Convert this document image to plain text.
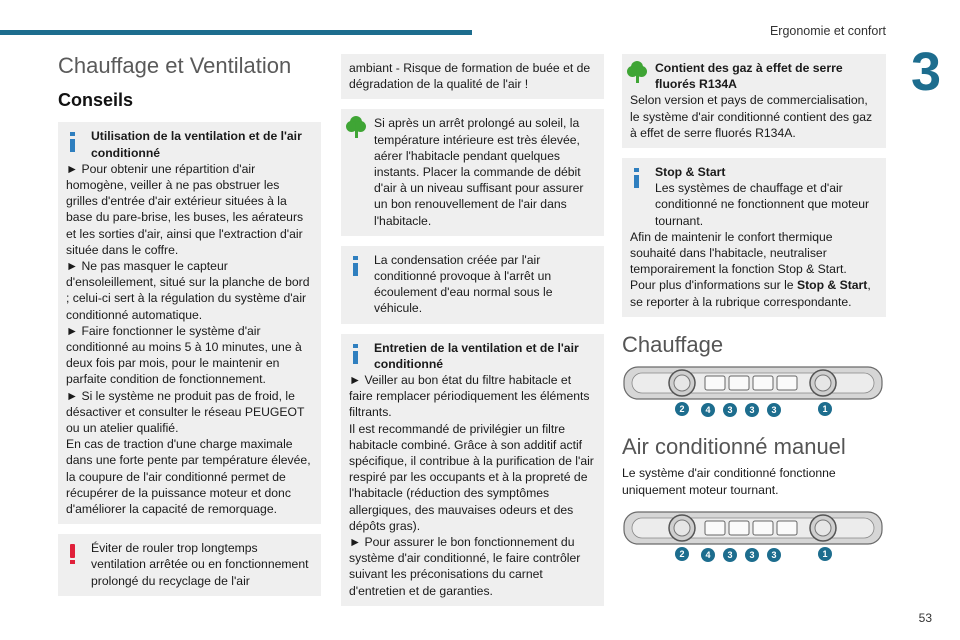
Ergonomie et confort
3
53
Chauffage et Ventilation
Conseils

Utilisation de la ventilation et de l'air conditionné

► Pour obtenir une répartition d'air homogène, veiller à ne pas obstruer les grilles d'entrée d'air extérieur situées à la base du pare-brise, les buses, les aérateurs et les sorties d'air, ainsi que l'extraction d'air située dans le coffre.

► Ne pas masquer le capteur d'ensoleillement, situé sur la planche de bord ; celui-ci sert à la régulation du système d'air conditionné automatique.

► Faire fonctionner le système d'air conditionné au moins 5 à 10 minutes, une à deux fois par mois, pour le maintenir en parfaite condition de fonctionnement.

► Si le système ne produit pas de froid, le désactiver et consulter le réseau PEUGEOT ou un atelier qualifié.

En cas de traction d'une charge maximale dans une forte pente par température élevée, la coupure de l'air conditionné permet de récupérer de la puissance moteur et donc d'améliorer la capacité de remorquage.

Éviter de rouler trop longtemps ventilation arrêtée ou en fonctionnement prolongé du recyclage de l'air

ambiant - Risque de formation de buée et de dégradation de la qualité de l'air !

Si après un arrêt prolongé au soleil, la température intérieure est très élevée, aérer l'habitacle pendant quelques instants. Placer la commande de débit d'air à un niveau suffisant pour assurer un bon renouvellement de l'air dans l'habitacle.

La condensation créée par l'air conditionné provoque à l'arrêt un écoulement d'eau normal sous le véhicule.

Entretien de la ventilation et de l'air conditionné

► Veiller au bon état du filtre habitacle et faire remplacer périodiquement les éléments filtrants.

Il est recommandé de privilégier un filtre habitacle combiné. Grâce à son additif actif spécifique, il contribue à la purification de l'air respiré par les occupants et à la propreté de l'habitacle (réduction des symptômes allergiques, des mauvaises odeurs et des dépôts gras).

► Pour assurer le bon fonctionnement du système d'air conditionné, le faire contrôler suivant les préconisations du carnet d'entretien et de garanties.

Contient des gaz à effet de serre fluorés R134A

Selon version et pays de commercialisation, le système d'air conditionné contient des gaz à effet de serre fluorés R134A.

Stop & Start

Les systèmes de chauffage et d'air conditionné ne fonctionnent que moteur tournant.

Afin de maintenir le confort thermique souhaité dans l'habitacle, neutraliser temporairement la fonction Stop & Start.

Pour plus d'informations sur le Stop & Start, se reporter à la rubrique correspondante.

Chauffage
2 4 3 3 3	1
Air conditionné manuel

Le système d'air conditionné fonctionne uniquement moteur tournant.

2 4 3 3 3	1
